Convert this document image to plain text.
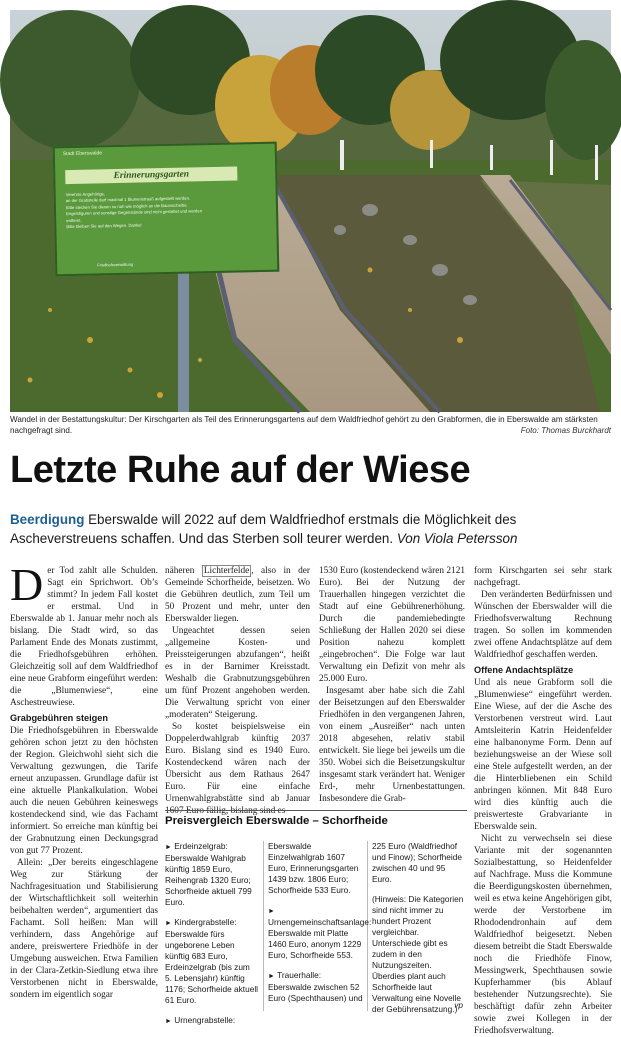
Stadt Eberswalde
Erinnerungsgarten
Verehrte Angehörige,
an der Grabstelle darf maximal 1 Blumenstrauß aufgestellt werden.
Bitte stecken Sie diesen so nah wie möglich an die Baumscheibe.
Engelsfiguren und sonstige Gegenstände sind nicht gestattet und werden
entfernt.
Bitte bleiben Sie auf den Wegen. Danke!
Friedhofsverwaltung
Wandel in der Bestattungskultur: Der Kirschgarten als Teil des Erinnerungsgartens auf dem Waldfriedhof gehört zu den Grabformen, die in Eberswalde am stärksten nachgefragt sind.	Foto: Thomas Burckhardt
Letzte Ruhe auf der Wiese
Beerdigung Eberswalde will 2022 auf dem Waldfriedhof erstmals die Möglichkeit des Ascheverstreuens schaffen. Und das Sterben soll teurer werden. Von Viola Petersson

Der Tod zahlt alle Schulden. Sagt ein Sprichwort. Ob’s stimmt? In jedem Fall kostet er erstmal. Und in Eberswalde ab 1. Januar mehr noch als bislang. Die Stadt wird, so das Parlament Ende des Monats zustimmt, die Friedhofsgebühren erhöhen. Gleichzeitig soll auf dem Waldfriedhof eine neue Grabform eingeführt werden: die „Blumenwiese“, eine Aschestreuwiese.

Grabgebühren steigen

Die Friedhofsgebühren in Eberswalde gehören schon jetzt zu den höchsten der Region. Gleichwohl sieht sich die Verwaltung gezwungen, die Tarife erneut anzupassen. Grundlage dafür ist eine aktuelle Plankalkulation. Wobei auch die neuen Gebühren keineswegs kostendeckend sind, wie das Fachamt informiert. So erreiche man künftig bei der Grabnutzung einen Deckungsgrad von gut 77 Prozent.

Allein: „Der bereits eingeschlagene Weg zur Stärkung der Nachfragesituation und Stabilisierung der Wirtschaftlichkeit soll weiterhin beibehalten werden“, argumentiert das Fachamt. Soll heißen: Man will verhindern, dass Angehörige auf andere, preiswertere Friedhöfe in der Umgebung ausweichen. Etwa Familien in der Clara-Zetkin-Siedlung etwa ihre Verstorbenen nicht in Eberswalde, sondern im eigentlich sogar

näheren Lichterfelde , also in der Gemeinde Schorfheide, beisetzen. Wo die Gebühren deutlich, zum Teil um 50 Prozent und mehr, unter den Eberswalder liegen.

Ungeachtet dessen seien „allgemeine Kosten- und Preissteigerungen abzufangen“, heißt es in der Barnimer Kreisstadt. Weshalb die Grabnutzungsgebühren um fünf Prozent angehoben werden. Die Verwaltung spricht von einer „moderaten“ Steigerung.

So kostet beispielsweise ein Doppelerdwahlgrab künftig 2037 Euro. Bislang sind es 1940 Euro. Kostendeckend wären nach der Übersicht aus dem Rathaus 2647 Euro. Für eine einfache Urnenwahlgrabstätte sind ab Januar 1607 Euro fällig, bislang sind es

1530 Euro (kostendeckend wären 2121 Euro). Bei der Nutzung der Trauerhallen hingegen verzichtet die Stadt auf eine Gebührenerhöhung. Durch die pandemiebedingte Schließung der Hallen 2020 sei diese Position nahezu komplett „eingebrochen“. Die Folge war laut Verwaltung ein Defizit von mehr als 25.000 Euro.

Insgesamt aber habe sich die Zahl der Beisetzungen auf den Eberswalder Friedhöfen in den vergangenen Jahren, von einem „Ausreißer“ nach unten 2018 abgesehen, relativ stabil entwickelt. Sie liege bei jeweils um die 350. Wobei sich die Beisetzungskultur insgesamt stark verändert hat. Weniger Erd-, mehr Urnenbestattungen. Insbesondere die Grab-

form Kirschgarten sei sehr stark nachgefragt.

Den veränderten Bedürfnissen und Wünschen der Eberswalder will die Friedhofsverwaltung Rechnung tragen. So sollen im kommenden zwei offene Andachtsplätze auf dem Waldfriedhof geschaffen werden.

Offene Andachtsplätze

Und als neue Grabform soll die „Blumenwiese“ eingeführt werden. Eine Wiese, auf der die Asche des Verstorbenen verstreut wird. Laut Amtsleiterin Katrin Heidenfelder eine halbanonyme Form. Denn auf beziehungsweise an der Wiese soll eine Stele aufgestellt werden, an der die Hinterbliebenen ein Schild anbringen können. Mit 848 Euro wird dies künftig auch die preiswerteste Grabvariante in Eberswalde sein.

Nicht zu verwechseln sei diese Variante mit der sogenannten Sozialbestattung, so Heidenfelder auf Nachfrage. Muss die Kommune die Beerdigungskosten übernehmen, weil es etwa keine Angehörigen gibt, werde der Verstorbene im Rhododendronhain auf dem Waldfriedhof beigesetzt. Neben diesem betreibt die Stadt Eberswalde noch die Friedhöfe Finow, Messingwerk, Spechthausen sowie Kupferhammer (bis Ablauf bestehender Nutzungsrechte). Sie beschäftigt dafür zehn Arbeiter sowie zwei Kollegen in der Friedhofsverwaltung.

Preisvergleich Eberswalde – Schorfheide

► Erdeinzelgrab: Eberswalde Wahlgrab künftig 1859 Euro, Reihengrab 1320 Euro; Schorfheide aktuell 799 Euro.

► Kindergrabstelle: Eberswalde fürs ungeborene Leben künftig 683 Euro, Erdeinzelgrab (bis zum 5. Lebensjahr) künftig 1176; Schorfheide aktuell 61 Euro.

► Urnengrabstelle:

Eberswalde Einzelwahlgrab 1607 Euro, Erinnerungsgarten 1439 bzw. 1806 Euro; Schorfheide 533 Euro.

► Urnengemeinschaftsanlage: Eberswalde mit Platte 1460 Euro, anonym 1229 Euro, Schorfheide 553.

► Trauerhalle: Eberswalde zwischen 52 Euro (Spechthausen) und

225 Euro (Waldfriedhof und Finow); Schorfheide zwischen 40 und 95 Euro.

(Hinweis: Die Kategorien sind nicht immer zu hundert Prozent vergleichbar. Unterschiede gibt es zudem in den Nutzungszeiten. Überdies plant auch Schorfheide laut Verwaltung eine Novelle der Gebührensatzung.)

vp
